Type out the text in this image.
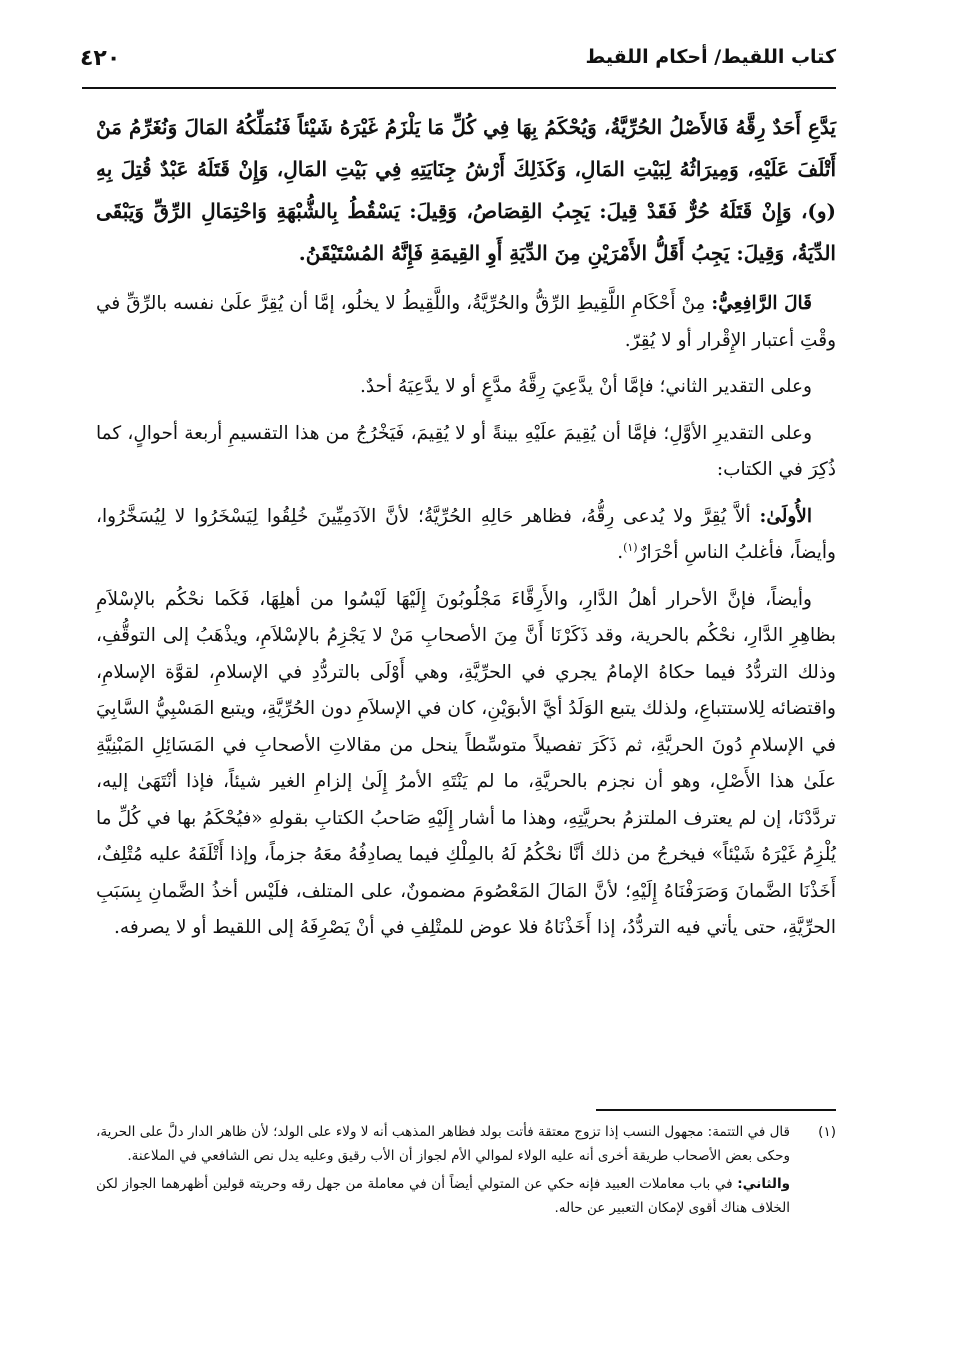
كتاب اللقيط/ أحكام اللقيط
٤٢٠

يَدَّعِ أَحَدٌ رِقَّهُ فَالأَصْلُ الحُرِّيَّةُ، وَيُحْكَمُ بِهَا فِي كُلِّ مَا يَلْزَمُ غَيْرَهُ شَيْئاً فَنُمَلِّكُهُ المَالَ وَنُغَرِّمُ مَنْ أَتْلَفَ عَلَيْهِ، وَمِيرَاثُهُ لِبَيْتِ المَالِ، وَكَذَلِكَ أَرْشُ جِنَايَتِهِ فِي بَيْتِ المَالِ، وَإِنْ قَتَلَهُ عَبْدٌ قُتِلَ بِهِ (و)، وَإِنْ قَتَلَهُ حُرٌّ فَقَدْ قِيلَ: يَجِبُ القِصَاصُ، وَقِيلَ: يَسْقُطُ بِالشُّبْهَةِ وَاحْتِمَالِ الرِّقِّ وَيَبْقَى الدِّيَةُ، وَقِيلَ: يَجِبُ أَقَلُّ الأَمْرَيْنِ مِنَ الدِّيَةِ أَوِ القِيمَةِ فَإِنَّهُ المُسْتَيْقَنُ.

قَالَ الرَّافِعِيُّ: مِنْ أَحْكَامِ اللَّقِيطِ الرِّقُّ والحُرِّيَّةُ، واللَّقِيطُ لا يخلُو، إمَّا أن يُقِرَّ علَىٰ نفسه بالرِّقِّ في وقْتِ أعتبار الإِقْرار أو لا يُقِرّ.

وعلى التقدير الثاني؛ فإمَّا أنْ يدَّعِيَ رِقَّهُ مدَّعٍ أو لا يدَّعِيَهُ أحدٌ.

وعلى التقديرِ الأوَّلِ؛ فإمَّا أن يُقِيمَ علَيْهِ بينةً أو لا يُقِيمَ، فَيَخْرُجُ من هذا التقسيمِ أربعة أحوالٍ، كما ذُكِرَ في الكتاب:

الأُولَىٰ: ألاَّ يُقِرَّ ولا يُدعى رِقُّهُ، فظاهر حَالِهِ الحُرِّيَّةُ؛ لأنَّ الآدَمِيِّينَ خُلِقُوا لِيَسْخَرُوا لا لِيُسَخَّرُوا، وأيضاً، فأغلبُ الناسِ أحْرَارٌ$^{(١)}$.

وأيضاً، فإنَّ الأحرار أهلُ الدَّارِ، والأَرِقَّاءَ مَجْلُوبُونَ إِلَيْهَا لَيْسُوا من أهلِهَا، فَكَما نحْكُم بالإسْلاَمِ بظاهِرِ الدَّارِ، نحْكُم بالحرية، وقد ذَكَرْنَا أَنَّ مِنَ الأصحابِ مَنْ لا يَجْزِمُ بالإسْلاَمِ، ويذْهَبُ إلى التوقُّفِ، وذلك التردُّدُ فيما حكاهُ الإمامُ يجري في الحرِّيَّةِ، وهي أَوْلَى بالتردُّدِ في الإسلامِ، لقوَّة الإسلامِ، واقتضائه لِلاستتباعِ، ولذلك يتبع الوَلَدُ أيَّ الأبوَيْنِ، كان في الإسلاَمِ دون الحُرِّيَّةِ، ويتبع المَسْبِيُّ السَّابِيَ في الإسلامِ دُونَ الحريَّةِ، ثم ذَكَرَ تفصيلاً متوسِّطاً ينحل من مقالاتِ الأصحابِ في المَسَائِلِ المَبْنِيَّةِ علَىٰ هذا الأَصْلِ، وهو أن نجزم بالحريَّةِ، ما لم يَنْتَهِ الأمرُ إِلَىٰ إلزامِ الغير شيئاً، فإذا أنْتَهَىٰ إليه، تردَّدْنَا، إن لم يعترف الملتزمُ بحريَّتِهِ، وهذا ما أشار إِلَيْهِ صَاحبُ الكتابِ بقولهِ «فيُحْكَمُ بها في كُلِّ ما يُلْزِمُ غَيْرَهُ شَيْئاً» فيخرجُ من ذلك أنَّا نحْكُمُ لَهُ بالمِلْكِ فيما يصادِفُهُ معَهُ جزماً، وإذا أَتْلَفَهُ عليه مُتْلِفٌ، أَخَذْنَا الضَّمانَ وَصَرَفْنَاهُ إِلَيْهِ؛ لأنَّ المَالَ المَعْصُومَ مضمونٌ، على المتلف، فلَيْس أخذُ الضَّمانِ بِسَبَبِ الحرِّيَّةِ، حتى يأتي فيه التردُّدُ، إذا أَخَذْنَاهُ فلا عوض للمتْلِفِ في أنْ يَصْرِفَهُ إلى اللقيط أو لا يصرفه.

(١)
قال في التتمة: مجهول النسب إذا تزوج معتقة فأتت بولد فظاهر المذهب أنه لا ولاء على الولد؛ لأن ظاهر الدار دلَّ على الحرية، وحكى بعض الأصحاب طريقة أخرى أنه عليه الولاء لموالي الأم لجواز أن الأب رقيق وعليه يدل نص الشافعي في الملاعنة.
والثاني: في باب معاملات العبيد فإنه حكي عن المتولي أيضاً أن في معاملة من جهل رقه وحريته قولين أظهرهما الجواز لكن الخلاف هناك أقوى لإمكان التعبير عن حاله.
